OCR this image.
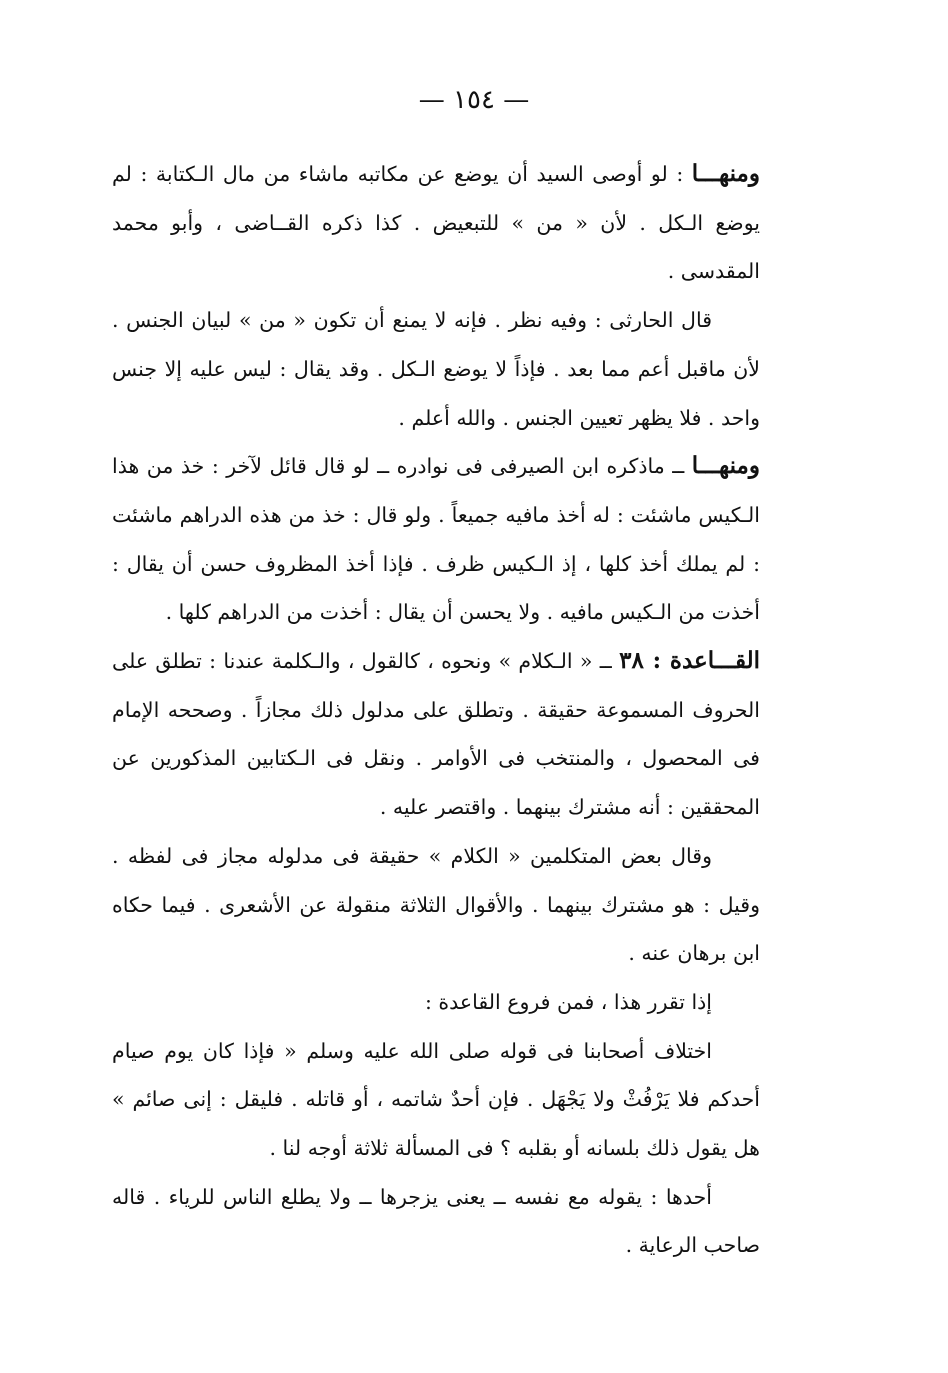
— ١٥٤ —

ومنهـــا : لو أوصى السيد أن يوضع عن مكاتبه ماشاء من مال الـكتابة : لم يوضع الـكل . لأن « من » للتبعيض . كذا ذكره القــاضى ، وأبو محمد المقدسى .

قال الحارثى : وفيه نظر . فإنه لا يمنع أن تكون « من » لبيان الجنس . لأن ماقبل أعم مما بعد . فإذاً لا يوضع الـكل . وقد يقال : ليس عليه إلا جنس واحد . فلا يظهر تعيين الجنس . والله أعلم .

ومنهـــا ــ ماذكره ابن الصيرفى فى نوادره ــ لو قال قائل لآخر : خذ من هذا الـكيس ماشئت : له أخذ مافيه جميعاً . ولو قال : خذ من هذه الدراهم ماشئت : لم يملك أخذ كلها ، إذ الـكيس ظرف . فإذا أخذ المظروف حسن أن يقال : أخذت من الـكيس مافيه . ولا يحسن أن يقال : أخذت من الدراهم كلها .

القـــاعدة : ٣٨ ــ « الـكلام » ونحوه ، كالقول ، والـكلمة عندنا : تطلق على الحروف المسموعة حقيقة . وتطلق على مدلول ذلك مجازاً . وصححه الإمام فى المحصول ، والمنتخب فى الأوامر . ونقل فى الـكتابين المذكورين عن المحققين : أنه مشترك بينهما . واقتصر عليه .

وقال بعض المتكلمين « الكلام » حقيقة فى مدلوله مجاز فى لفظه . وقيل : هو مشترك بينهما . والأقوال الثلاثة منقولة عن الأشعرى . فيما حكاه ابن برهان عنه .

إذا تقرر هذا ، فمن فروع القاعدة :

اختلاف أصحابنا فى قوله صلى الله عليه وسلم « فإذا كان يوم صيام أحدكم فلا يَرْفُثْ ولا يَجْهَل . فإن أحدٌ شاتمه ، أو قاتله . فليقل : إنى صائم » هل يقول ذلك بلسانه أو بقلبه ؟ فى المسألة ثلاثة أوجه لنا .

أحدها : يقوله مع نفسه ــ يعنى يزجرها ــ ولا يطلع الناس للرياء . قاله صاحب الرعاية .
